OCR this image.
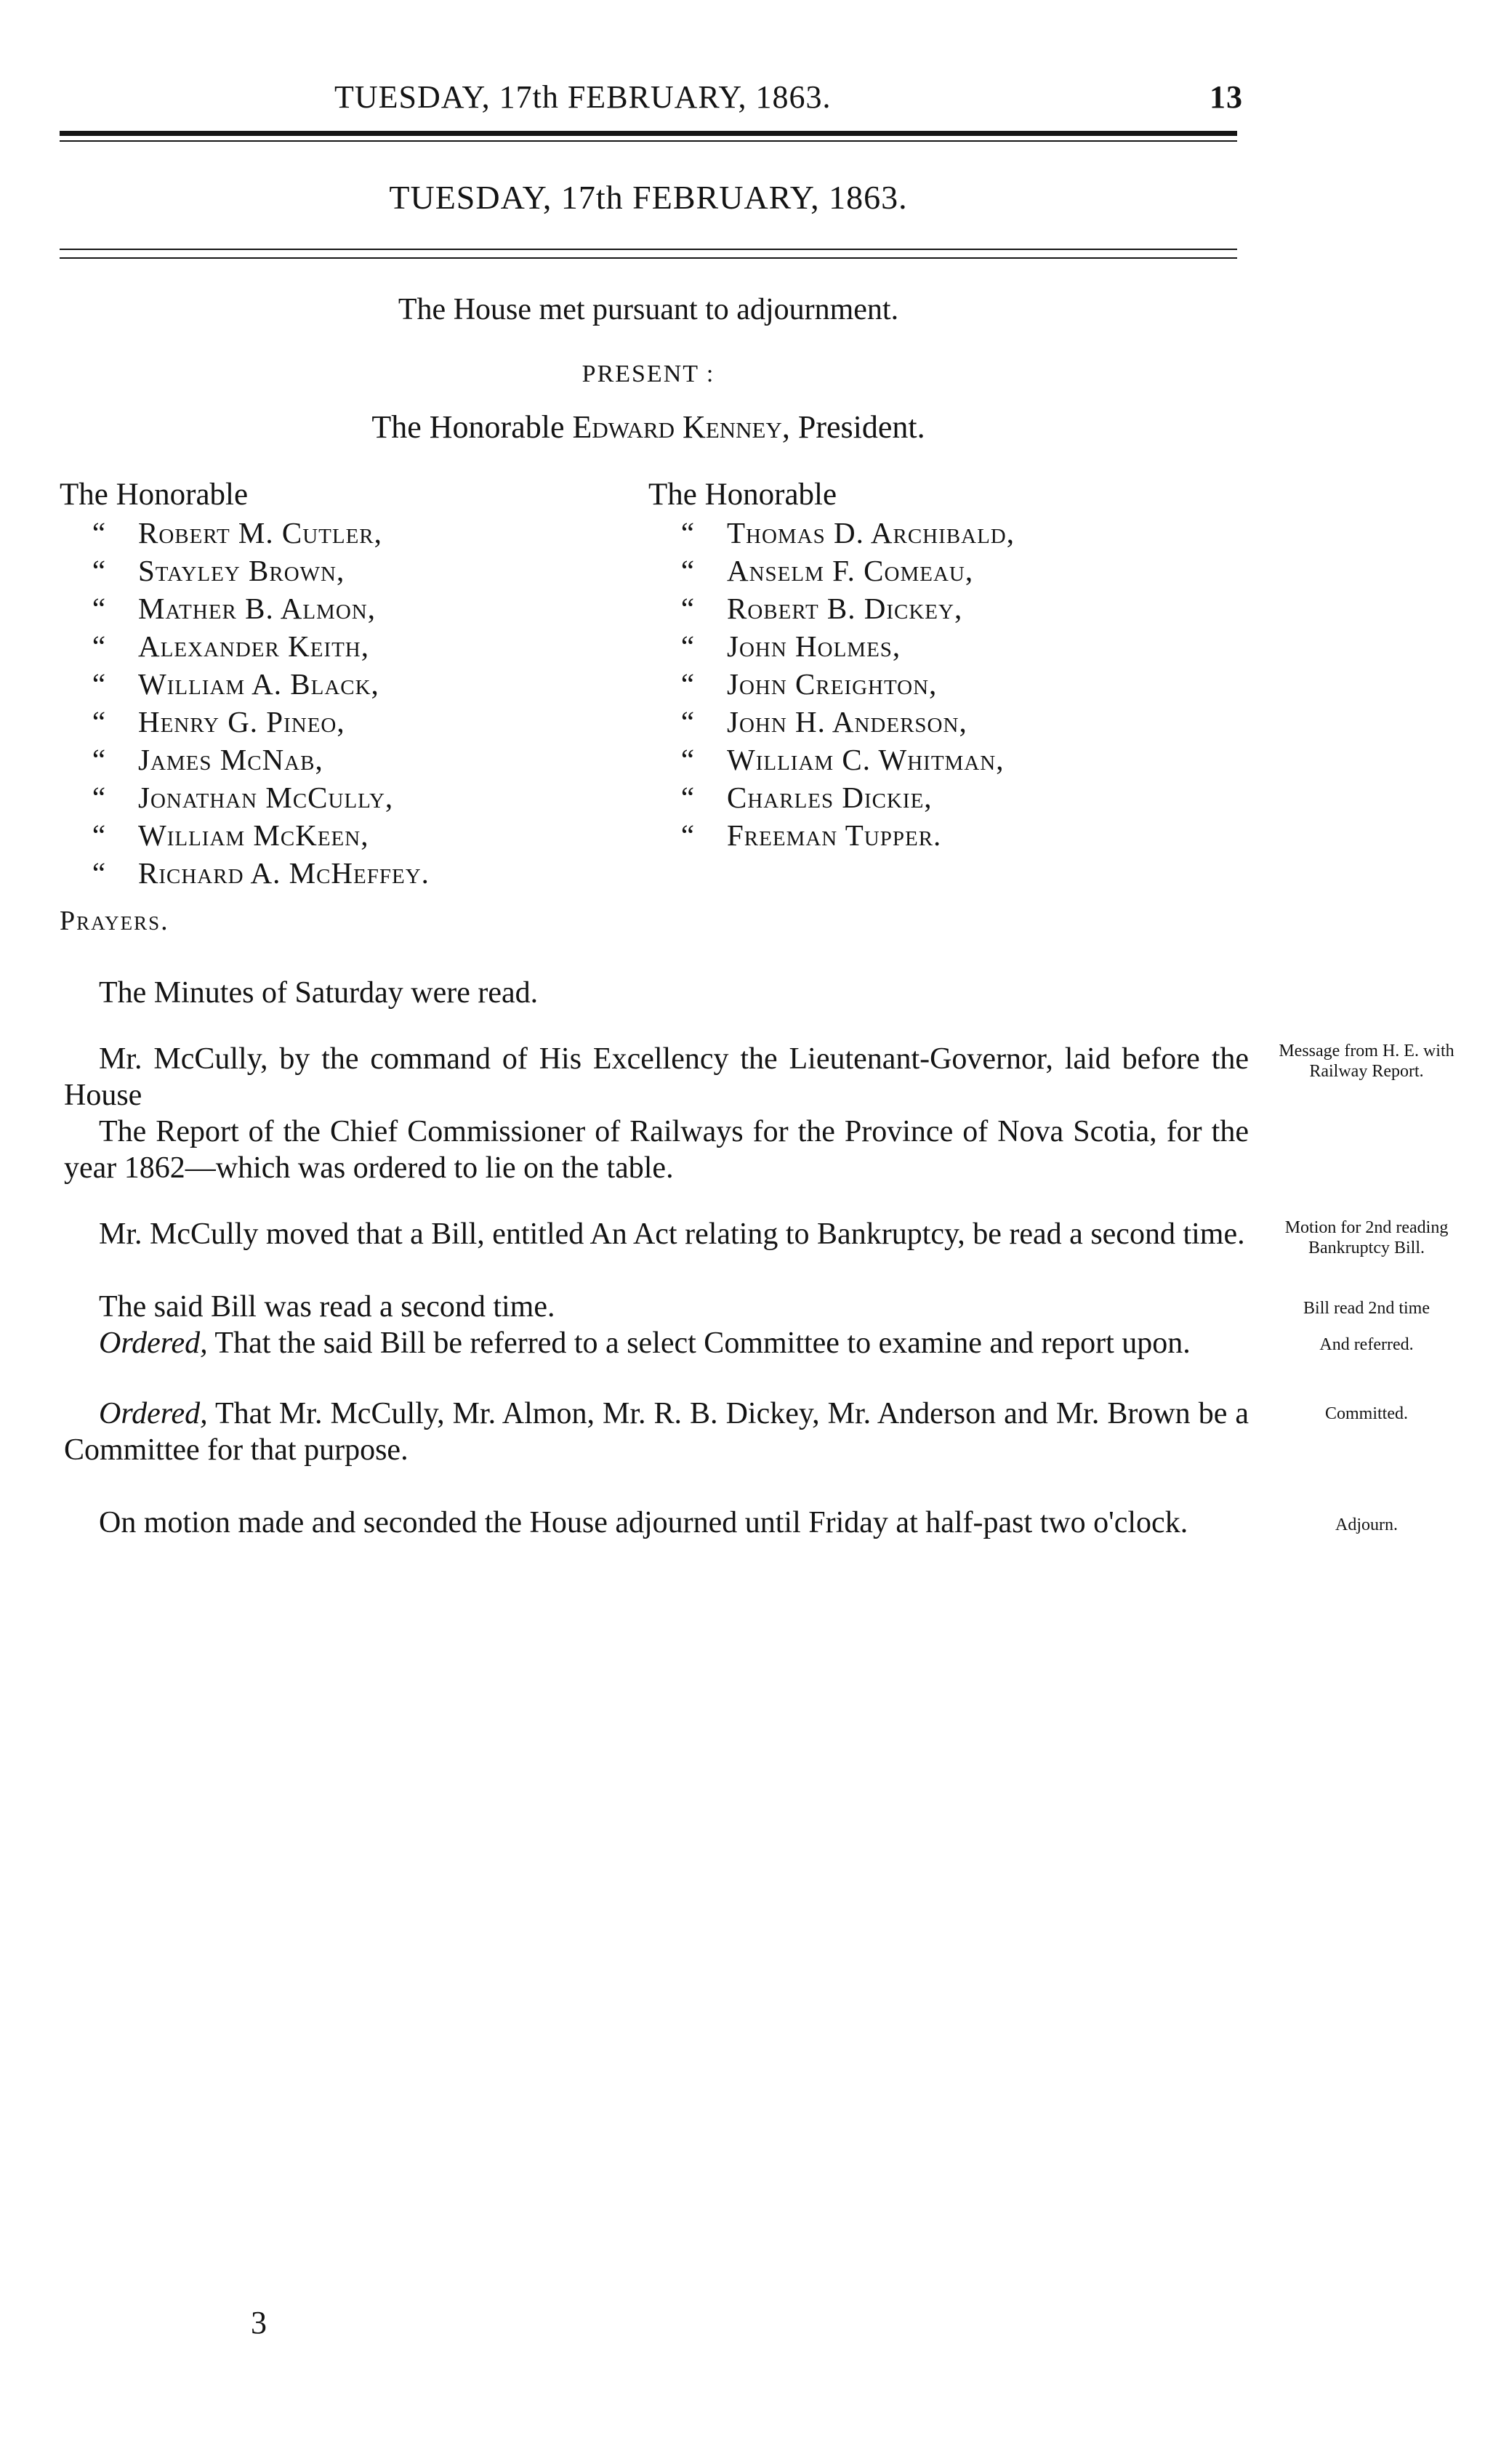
TUESDAY, 17th FEBRUARY, 1863.	13
TUESDAY, 17th FEBRUARY, 1863.
The House met pursuant to adjournment.
PRESENT :
The Honorable Edward Kenney, President.
The Honorable
“ Robert M. Cutler,
“ Stayley Brown,
“ Mather B. Almon,
“ Alexander Keith,
“ William A. Black,
“ Henry G. Pineo,
“ James McNab,
“ Jonathan McCully,
“ William McKeen,
“ Richard A. McHeffey.
The Honorable
“ Thomas D. Archibald,
“ Anselm F. Comeau,
“ Robert B. Dickey,
“ John Holmes,
“ John Creighton,
“ John H. Anderson,
“ William C. Whitman,
“ Charles Dickie,
“ Freeman Tupper.
Prayers.
The Minutes of Saturday were read.
Mr. McCully, by the command of His Excellency the Lieutenant-Governor, laid before the House
The Report of the Chief Commissioner of Railways for the Province of Nova Scotia, for the year 1862—which was ordered to lie on the table.
Mr. McCully moved that a Bill, entitled An Act relating to Bankruptcy, be read a second time.
The said Bill was read a second time.
Ordered, That the said Bill be referred to a select Committee to examine and report upon.
Ordered, That Mr. McCully, Mr. Almon, Mr. R. B. Dickey, Mr. Anderson and Mr. Brown be a Committee for that purpose.
On motion made and seconded the House adjourned until Friday at half-past two o'clock.
Message from H. E. with Railway Report.
Motion for 2nd reading Bankruptcy Bill.
Bill read 2nd time
And referred.
Committed.
Adjourn.
3
